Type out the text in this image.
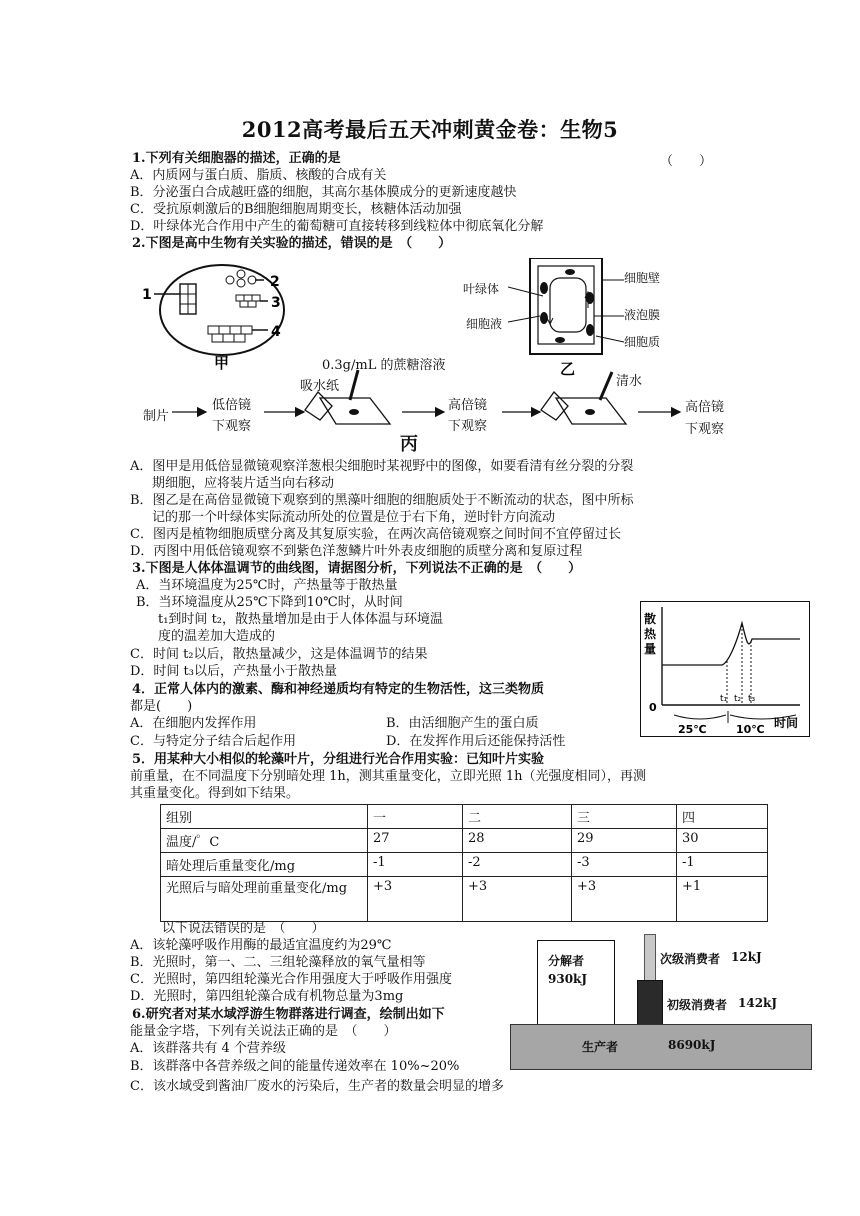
2012高考最后五天冲刺黄金卷：生物5
1.下列有关细胞器的描述，正确的是	（　　）
A．内质网与蛋白质、脂质、核酸的合成有关
B．分泌蛋白合成越旺盛的细胞，其高尔基体膜成分的更新速度越快
C．受抗原刺激后的B细胞细胞周期变长，核糖体活动加强
D．叶绿体光合作用中产生的葡萄糖可直接转移到线粒体中彻底氧化分解
2.下图是高中生物有关实验的描述，错误的是　（　　）
1
2
3
4
甲	乙
叶绿体
细胞液
细胞壁
液泡膜
细胞质
0.3g/mL 的蔗糖溶液
吸水纸	清水
制片
低倍镜
下观察
高倍镜
下观察
高倍镜
下观察
丙
A．图甲是用低倍显微镜观察洋葱根尖细胞时某视野中的图像，如要看清有丝分裂的分裂
期细胞，应将装片适当向右移动
B．图乙是在高倍显微镜下观察到的黑藻叶细胞的细胞质处于不断流动的状态，图中所标
记的那一个叶绿体实际流动所处的位置是位于右下角，逆时针方向流动
C．图丙是植物细胞质壁分离及其复原实验，在两次高倍镜观察之间时间不宜停留过长
D．丙图中用低倍镜观察不到紫色洋葱鳞片叶外表皮细胞的质壁分离和复原过程
3.下图是人体体温调节的曲线图，请据图分析，下列说法不正确的是　（　　）
A．当环境温度为25℃时，产热量等于散热量
B．当环境温度从25℃下降到10℃时，从时间
t₁到时间 t₂，散热量增加是由于人体体温与环境温
度的温差加大造成的
C．时间 t₂以后，散热量减少，这是体温调节的结果
D．时间 t₃以后，产热量小于散热量
散 热 量
0
t₁ t₂ t₃
25℃	10℃ 时间
4．正常人体内的激素、酶和神经递质均有特定的生物活性，这三类物质
都是(　　)
A．在细胞内发挥作用	B．由活细胞产生的蛋白质
C．与特定分子结合后起作用	D．在发挥作用后还能保持活性
5．用某种大小相似的轮藻叶片，分组进行光合作用实验：已知叶片实验
前重量，在不同温度下分别暗处理 1h，测其重量变化，立即光照 1h（光强度相同），再测
其重量变化。得到如下结果。
组别	一	二	三	四
温度/゜C	27	28	29	30
暗处理后重量变化/mg	-1	-2	-3	-1
光照后与暗处理前重量变化/mg	+3	+3	+3	+1
以下说法错误的是　（　　）
A．该轮藻呼吸作用酶的最适宜温度约为29℃
B．光照时，第一、二、三组轮藻释放的氧气量相等
C．光照时，第四组轮藻光合作用强度大于呼吸作用强度
D．光照时，第四组轮藻合成有机物总量为3mg
6.研究者对某水域浮游生物群落进行调查，绘制出如下
能量金字塔，下列有关说法正确的是　（　　）
A．该群落共有 4 个营养级
B．该群落中各营养级之间的能量传递效率在 10%~20%
C．该水域受到酱油厂废水的污染后，生产者的数量会明显的增多
分解者
930kJ
次级消费者 12kJ
初级消费者 142kJ
生产者	8690kJ
